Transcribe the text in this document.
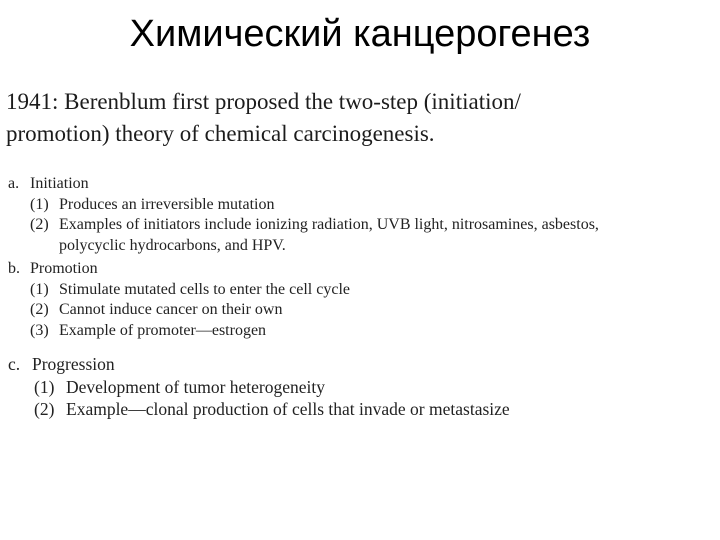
Химический канцерогенез
1941: Berenblum first proposed the two-step (initiation/
promotion) theory of chemical carcinogenesis.
a. Initiation
(1) Produces an irreversible mutation
(2) Examples of initiators include ionizing radiation, UVB light, nitrosamines, asbestos,
polycyclic hydrocarbons, and HPV.
b. Promotion
(1) Stimulate mutated cells to enter the cell cycle
(2) Cannot induce cancer on their own
(3) Example of promoter—estrogen
c. Progression
(1) Development of tumor heterogeneity
(2) Example—clonal production of cells that invade or metastasize
